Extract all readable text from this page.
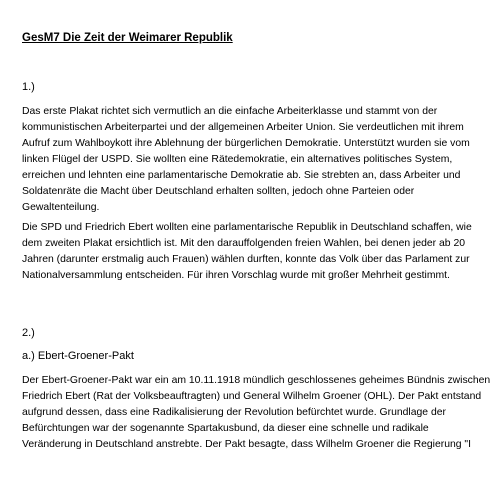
GesM7 Die Zeit der Weimarer Republik
1.)
Das erste Plakat richtet sich vermutlich an die einfache Arbeiterklasse und stammt von der
kommunistischen Arbeiterpartei und der allgemeinen Arbeiter Union. Sie verdeutlichen mit ihrem
Aufruf zum Wahlboykott ihre Ablehnung der bürgerlichen Demokratie. Unterstützt wurden sie vom
linken Flügel der USPD. Sie wollten eine Rätedemokratie, ein alternatives politisches System,
erreichen und lehnten eine parlamentarische Demokratie ab. Sie strebten an, dass Arbeiter und
Soldatenräte die Macht über Deutschland erhalten sollten, jedoch ohne Parteien oder
Gewaltenteilung.
Die SPD und Friedrich Ebert wollten eine parlamentarische Republik in Deutschland schaffen, wie
dem zweiten Plakat ersichtlich ist. Mit den darauffolgenden freien Wahlen, bei denen jeder ab 20
Jahren (darunter erstmalig auch Frauen) wählen durften, konnte das Volk über das Parlament zur
Nationalversammlung entscheiden. Für ihren Vorschlag wurde mit großer Mehrheit gestimmt.
2.)
a.) Ebert-Groener-Pakt
Der Ebert-Groener-Pakt war ein am 10.11.1918 mündlich geschlossenes geheimes Bündnis zwischen
Friedrich Ebert (Rat der Volksbeauftragten) und General Wilhelm Groener (OHL). Der Pakt entstand
aufgrund dessen, dass eine Radikalisierung der Revolution befürchtet wurde. Grundlage der
Befürchtungen war der sogenannte Spartakusbund, da dieser eine schnelle und radikale
Veränderung in Deutschland anstrebte. Der Pakt besagte, dass Wilhelm Groener die Regierung "I
